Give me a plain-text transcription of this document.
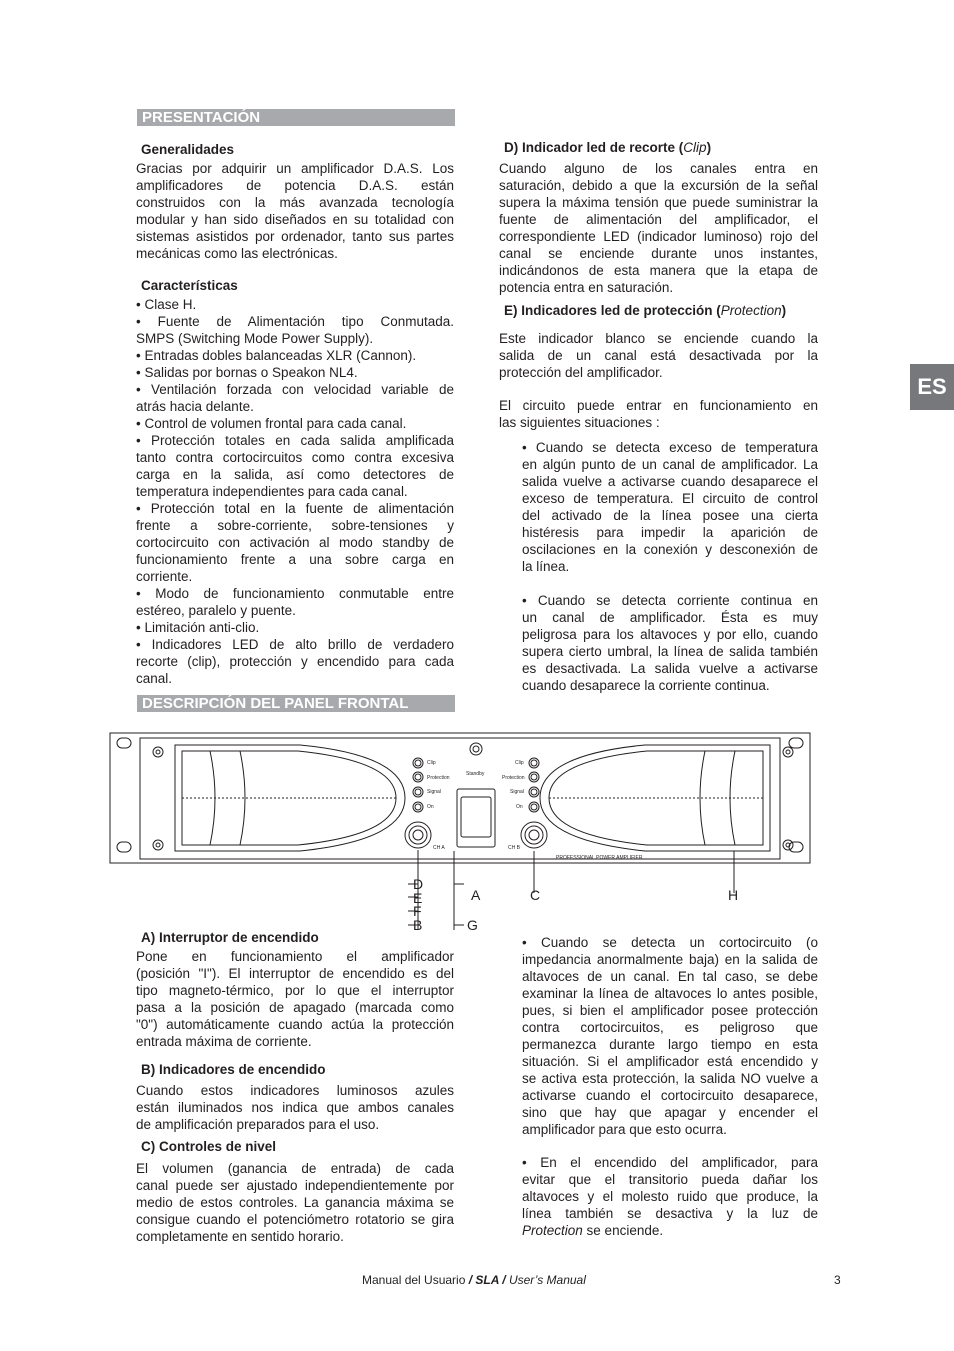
ES
PRESENTACIÓN
Generalidades
Gracias por adquirir un amplificador D.A.S. Los
amplificadores de potencia D.A.S. están
construidos con la más avanzada tecnología
modular y han sido diseñados en su totalidad con
sistemas asistidos por ordenador, tanto sus partes
mecánicas como las electrónicas.
Características
• Clase H.
• Fuente de Alimentación tipo Conmutada.
SMPS (Switching Mode Power Supply).
• Entradas dobles balanceadas XLR (Cannon).
• Salidas por bornas o Speakon NL4.
• Ventilación forzada con velocidad variable de
atrás hacia delante.
• Control de volumen frontal para cada canal.
• Protección totales en cada salida amplificada
tanto contra cortocircuitos como contra excesiva
carga en la salida, así como detectores de
temperatura independientes para cada canal.
• Protección total en la fuente de alimentación
frente a sobre-corriente, sobre-tensiones y
cortocircuito con activación al modo standby de
funcionamiento frente a una sobre carga en
corriente.
• Modo de funcionamiento conmutable entre
estéreo, paralelo y puente.
• Limitación anti-clio.
• Indicadores LED de alto brillo de verdadero
recorte (clip), protección y encendido para cada
canal.
DESCRIPCIÓN DEL PANEL FRONTAL
D) Indicador led de recorte (Clip)
Cuando alguno de los canales entra en
saturación, debido a que la excursión de la señal
supera la máxima tensión que puede suministrar la
fuente de alimentación del amplificador, el
correspondiente LED (indicador luminoso) rojo del
canal se enciende durante unos instantes,
indicándonos de esta manera que la etapa de
potencia entra en saturación.
E) Indicadores led de protección (Protection)
Este indicador blanco se enciende cuando la
salida de un canal está desactivada por la
protección del amplificador.
El circuito puede entrar en funcionamiento en
las siguientes situaciones :
• Cuando se detecta exceso de temperatura
en algún punto de un canal de amplificador. La
salida vuelve a activarse cuando desaparece el
exceso de temperatura. El circuito de control
del activado de la línea posee una cierta
histéresis para impedir la aparición de
oscilaciones en la conexión y desconexión de
la línea.
• Cuando se detecta corriente continua en
un canal de amplificador. Ésta es muy
peligrosa para los altavoces y por ello, cuando
supera cierto umbral, la línea de salida también
es desactivada. La salida vuelve a activarse
cuando desaparece la corriente continua.
Clip
Protection
Signal
On
Clip
Protection
Signal
On
Standby
CH A	CH B
PROFESSIONAL POWER AMPLIFIER
D
E
F
B
A
G
C	H
A) Interruptor de encendido
Pone en funcionamiento el amplificador
(posición "I"). El interruptor de encendido es del
tipo magneto-térmico, por lo que el interruptor
pasa a la posición de apagado (marcada como
"0") automáticamente cuando actúa la protección
entrada máxima de corriente.
B) Indicadores de encendido
Cuando estos indicadores luminosos azules
están iluminados nos indica que ambos canales
de amplificación preparados para el uso.
C) Controles de nivel
El volumen (ganancia de entrada) de cada
canal puede ser ajustado independientemente por
medio de estos controles. La ganancia máxima se
consigue cuando el potenciómetro rotatorio se gira
completamente en sentido horario.
• Cuando se detecta un cortocircuito (o
impedancia anormalmente baja) en la salida de
altavoces de un canal. En tal caso, se debe
examinar la línea de altavoces lo antes posible,
pues, si bien el amplificador posee protección
contra cortocircuitos, es peligroso que
permanezca durante largo tiempo en esta
situación. Si el amplificador está encendido y
se activa esta protección, la salida NO vuelve a
activarse cuando el cortocircuito desaparece,
sino que hay que apagar y encender el
amplificador para que esto ocurra.
• En el encendido del amplificador, para
evitar que el transitorio pueda dañar los
altavoces y el molesto ruido que produce, la
línea también se desactiva y la luz de
Protection se enciende.
Manual del Usuario / SLA / User’s Manual	3
